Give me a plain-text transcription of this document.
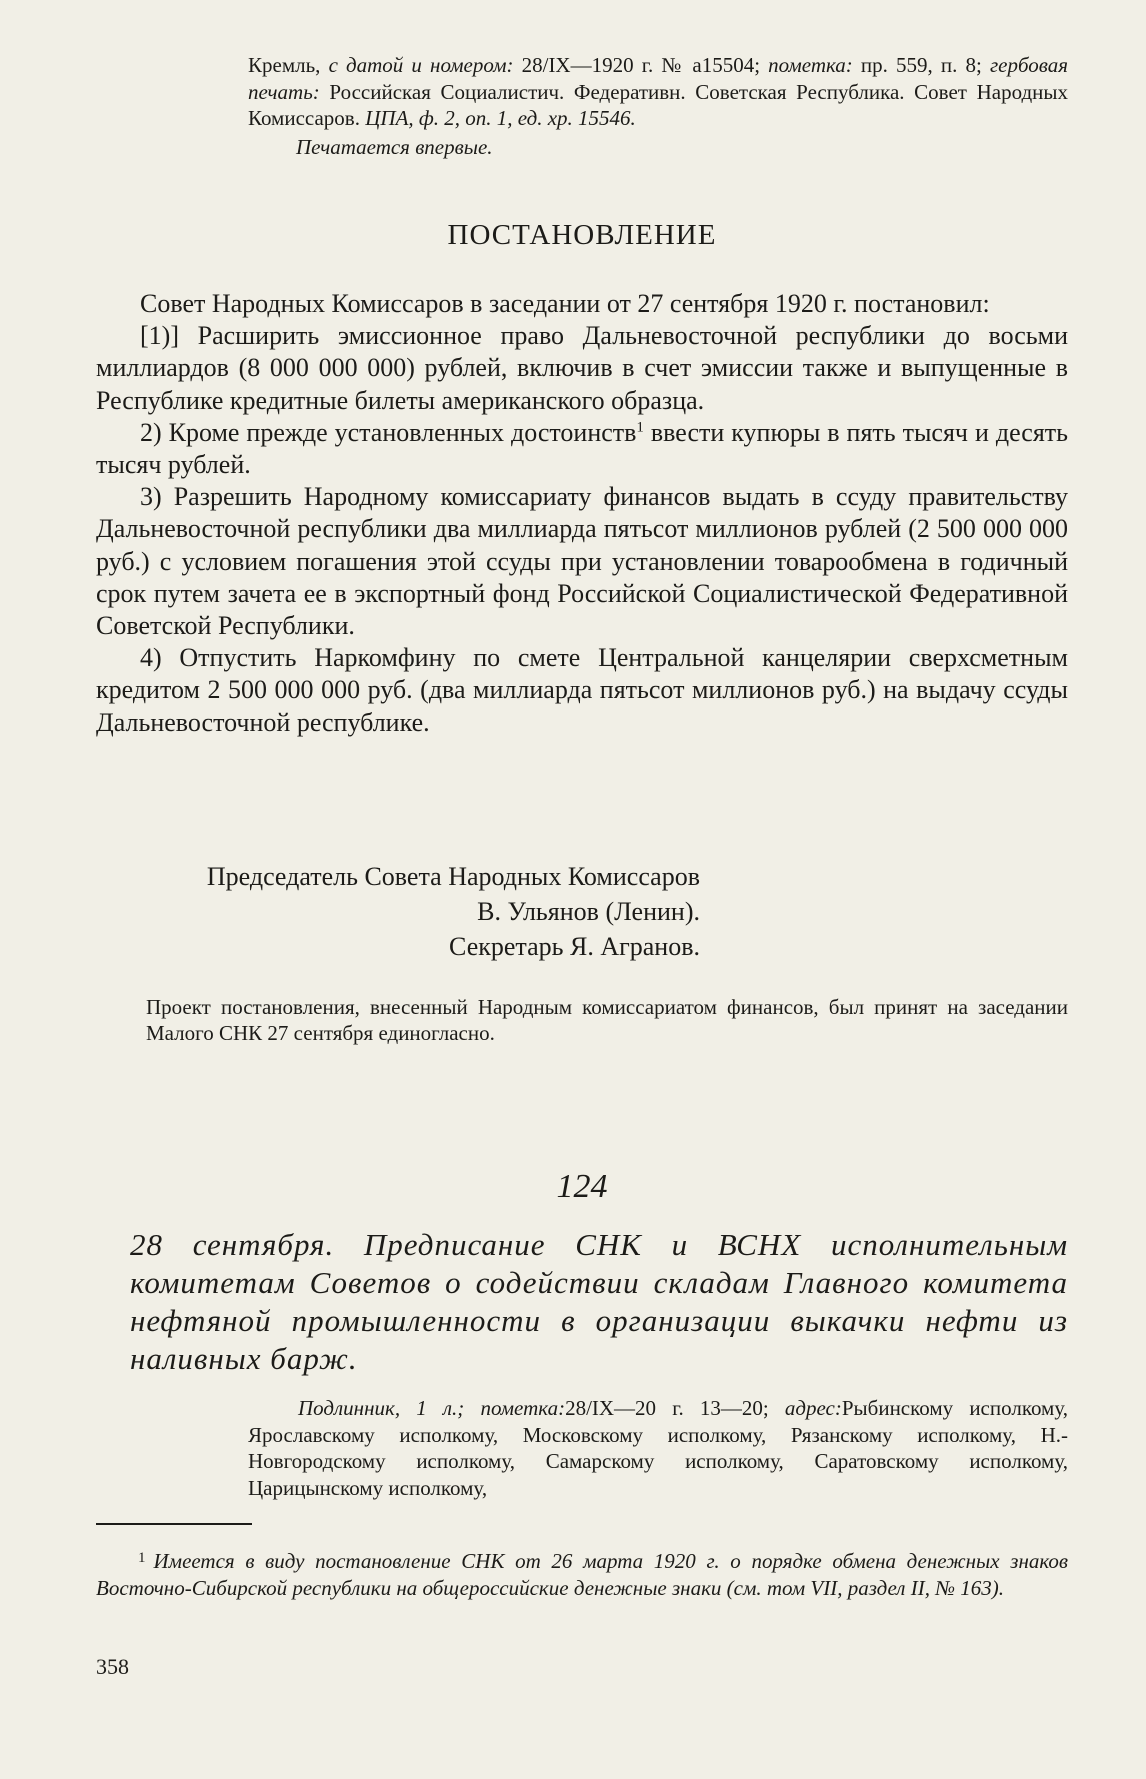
Кремль, с датой и номером: 28/IX—1920 г. № а15504; пометка: пр. 559, п. 8; гербовая печать: Российская Социалистич. Федеративн. Советская Республика. Совет Народных Комиссаров. ЦПА, ф. 2, оп. 1, ед. хр. 15546.
Печатается впервые.
ПОСТАНОВЛЕНИЕ

Совет Народных Комиссаров в заседании от 27 сентября 1920 г. постановил:

[1)] Расширить эмиссионное право Дальневосточной республики до восьми миллиардов (8 000 000 000) рублей, включив в счет эмиссии также и выпущенные в Республике кредитные билеты американского образца.

2) Кроме прежде установленных достоинств$^1$ ввести купюры в пять тысяч и десять тысяч рублей.

3) Разрешить Народному комиссариату финансов выдать в ссуду правительству Дальневосточной республики два миллиарда пятьсот миллионов рублей (2 500 000 000 руб.) с условием погашения этой ссуды при установлении товарообмена в годичный срок путем зачета ее в экспортный фонд Российской Социалистической Федеративной Советской Республики.

4) Отпустить Наркомфину по смете Центральной канцелярии сверхсметным кредитом 2 500 000 000 руб. (два миллиарда пятьсот миллионов руб.) на выдачу ссуды Дальневосточной республике.

Председатель Совета Народных Комиссаров
В. Ульянов (Ленин).
Секретарь Я. Агранов.
Проект постановления, внесенный Народным комиссариатом финансов, был принят на заседании Малого СНК 27 сентября единогласно.
124
28 сентября. Предписание СНК и ВСНХ исполнительным комитетам Советов о содействии складам Главного комитета нефтяной промышленности в организации выкачки нефти из наливных барж.
Подлинник, 1 л.; пометка:28/IX—20 г. 13—20; адрес:Рыбинскому исполкому, Ярославскому исполкому, Московскому исполкому, Рязанскому исполкому, Н.-Новгородскому исполкому, Самарскому исполкому, Саратовскому исполкому, Царицынскому исполкому,
$^1$ Имеется в виду постановление СНК от 26 марта 1920 г. о порядке обмена денежных знаков Восточно-Сибирской республики на общероссийские денежные знаки (см. том VII, раздел II, № 163).
358
